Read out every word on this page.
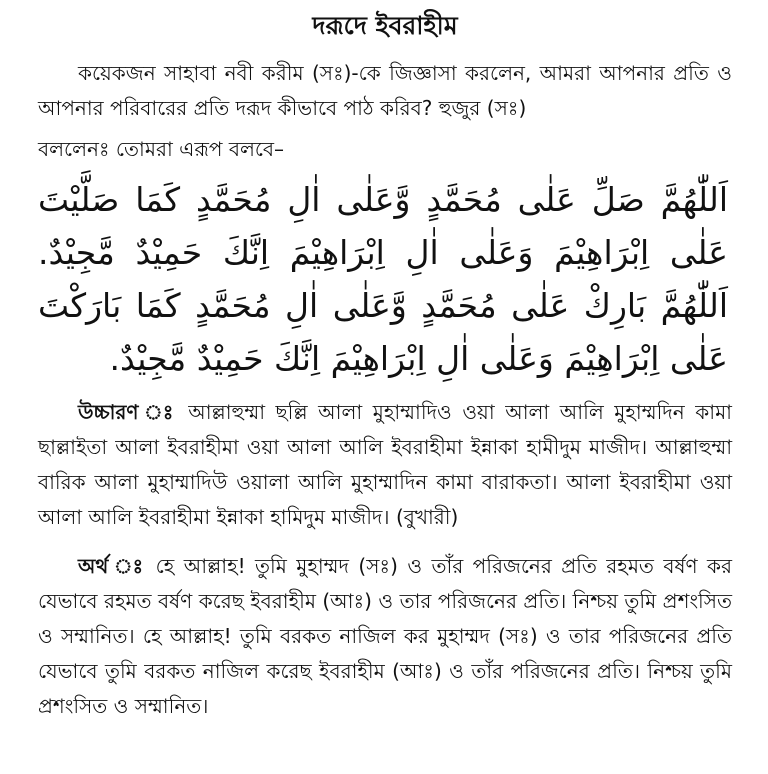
দরূদে ইবরাহীম

কয়েকজন সাহাবা নবী করীম (সঃ)-কে জিজ্ঞাসা করলেন, আমরা আপনার প্রতি ও আপনার পরিবারের প্রতি দরূদ কীভাবে পাঠ করিব? হুজুর (সঃ)

বললেনঃ তোমরা এরূপ বলবে–

اَللّٰهُمَّ صَلِّ عَلٰى مُحَمَّدٍ وَّعَلٰى اٰلِ مُحَمَّدٍ كَمَا صَلَّيْتَ عَلٰى اِبْرَاهِيْمَ وَعَلٰى اٰلِ اِبْرَاهِيْمَ اِنَّكَ حَمِيْدٌ مَّجِيْدٌ. اَللّٰهُمَّ بَارِكْ عَلٰى مُحَمَّدٍ وَّعَلٰى اٰلِ مُحَمَّدٍ كَمَا بَارَكْتَ عَلٰى اِبْرَاهِيْمَ وَعَلٰى اٰلِ اِبْرَاهِيْمَ اِنَّكَ حَمِيْدٌ مَّجِيْدٌ.

উচ্চারণ ঃ আল্লাহুম্মা ছল্লি আলা মুহাম্মাদিও ওয়া আলা আলি মুহাম্মদিন কামা ছাল্লাইতা আলা ইবরাহীমা ওয়া আলা আলি ইবরাহীমা ইন্নাকা হামীদুম মাজীদ। আল্লাহুম্মা বারিক আলা মুহাম্মাদিউ ওয়ালা আলি মুহাম্মাদিন কামা বারাকতা। আলা ইবরাহীমা ওয়া আলা আলি ইবরাহীমা ইন্নাকা হামিদুম মাজীদ। (বুখারী)

অর্থ ঃ হে আল্লাহ! তুমি মুহাম্মদ (সঃ) ও তাঁর পরিজনের প্রতি রহমত বর্ষণ কর যেভাবে রহমত বর্ষণ করেছ ইবরাহীম (আঃ) ও তার পরিজনের প্রতি। নিশ্চয় তুমি প্রশংসিত ও সম্মানিত। হে আল্লাহ! তুমি বরকত নাজিল কর মুহাম্মদ (সঃ) ও তার পরিজনের প্রতি যেভাবে তুমি বরকত নাজিল করেছ ইবরাহীম (আঃ) ও তাঁর পরিজনের প্রতি। নিশ্চয় তুমি প্রশংসিত ও সম্মানিত।
